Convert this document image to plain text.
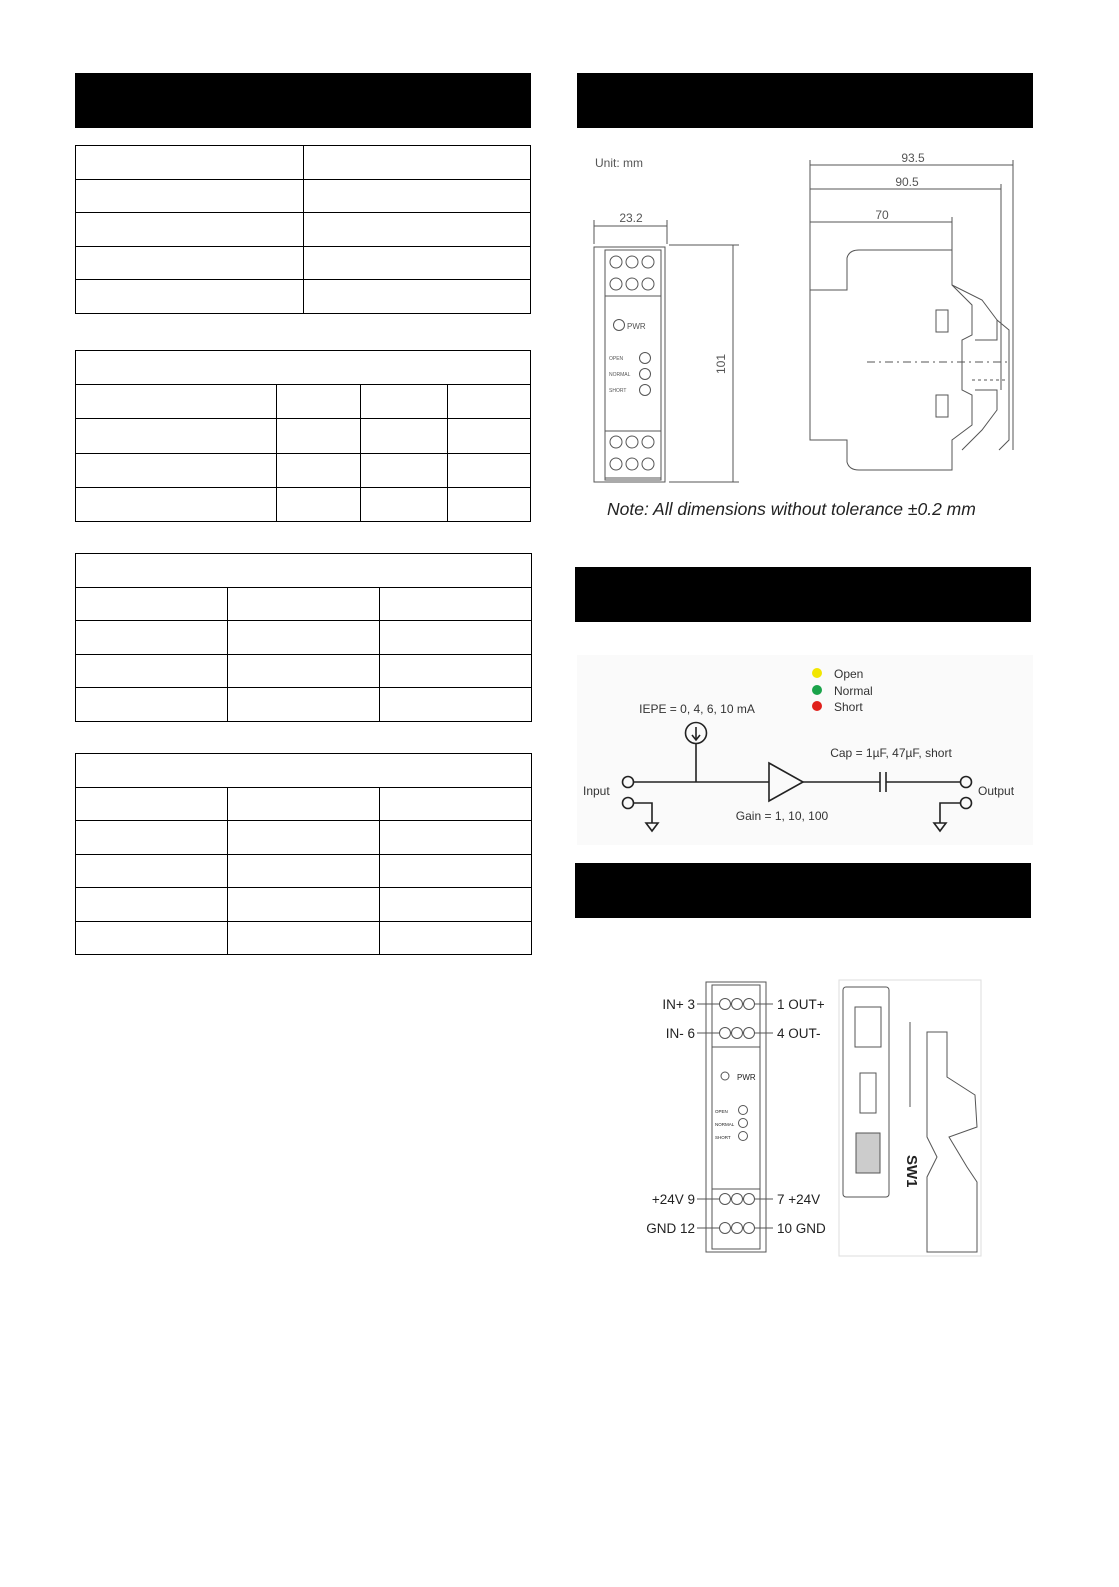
Unit: mm
23.2
101
93.5
90.5
70
PWR
OPEN
NORMAL
SHORT
Note: All dimensions without tolerance ±0.2 mm
Open
Normal
Short
IEPE = 0, 4, 6, 10 mA
Cap = 1µF, 47µF, short
Gain = 1, 10, 100
Input	Output
IN+ 3
IN- 6
+24V 9
GND 12
1 OUT+
4 OUT-
7 +24V
10 GND
PWR
OPEN
NORMAL
SHORT
SW1
